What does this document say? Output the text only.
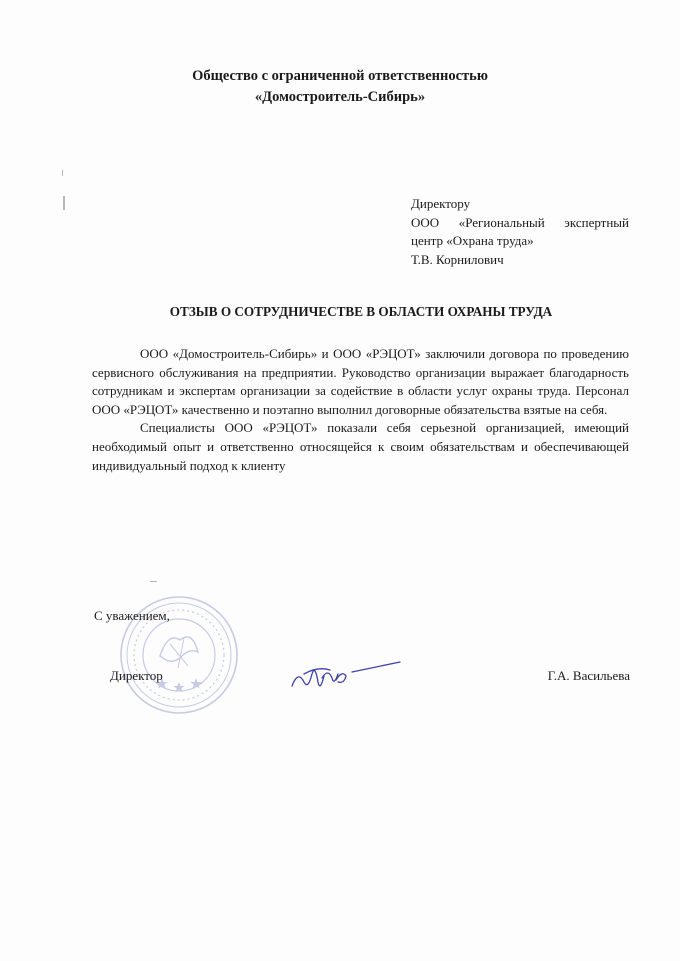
Общество с ограниченной ответственностью
«Домостроитель-Сибирь»
Директору
ООО «Региональный экспертный
центр «Охрана труда»
Т.В. Корнилович
ОТЗЫВ О СОТРУДНИЧЕСТВЕ В ОБЛАСТИ ОХРАНЫ ТРУДА

ООО «Домостроитель-Сибирь» и ООО «РЭЦОТ» заключили договора по проведению сервисного обслуживания на предприятии. Руководство организации выражает благодарность сотрудникам и экспертам организации за содействие в области услуг охраны труда. Персонал ООО «РЭЦОТ» качественно и поэтапно выполнил договорные обязательства взятые на себя.

Специалисты ООО «РЭЦОТ» показали себя серьезной организацией, имеющий необходимый опыт и ответственно относящейся к своим обязательствам и обеспечивающей индивидуальный подход к клиенту

С уважением,
Директор	Г.А. Васильева
